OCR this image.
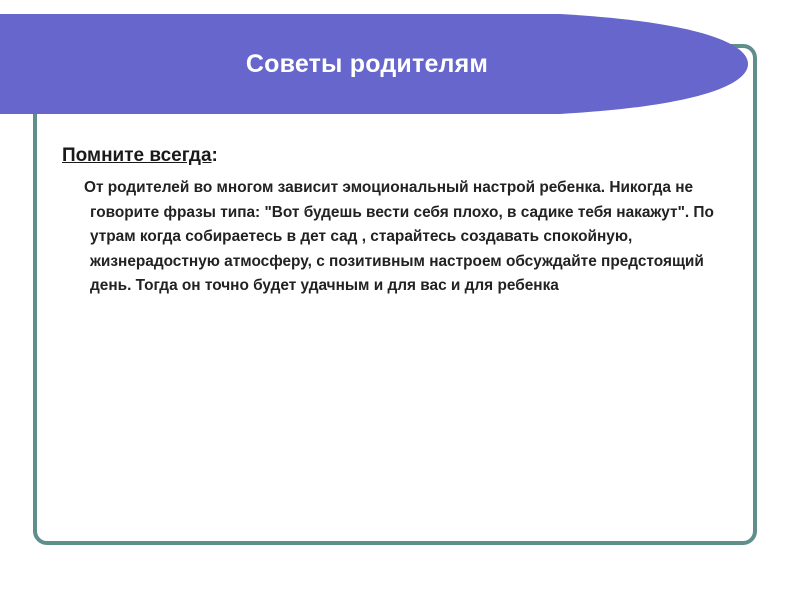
Советы родителям

Помните всегда:

От родителей во многом зависит эмоциональный настрой ребенка. Никогда не говорите фразы типа: "Вот будешь вести себя плохо, в садике тебя накажут". По утрам когда собираетесь в дет сад , старайтесь создавать спокойную, жизнерадостную атмосферу, с позитивным настроем обсуждайте предстоящий день. Тогда он точно будет удачным и для вас и для ребенка
